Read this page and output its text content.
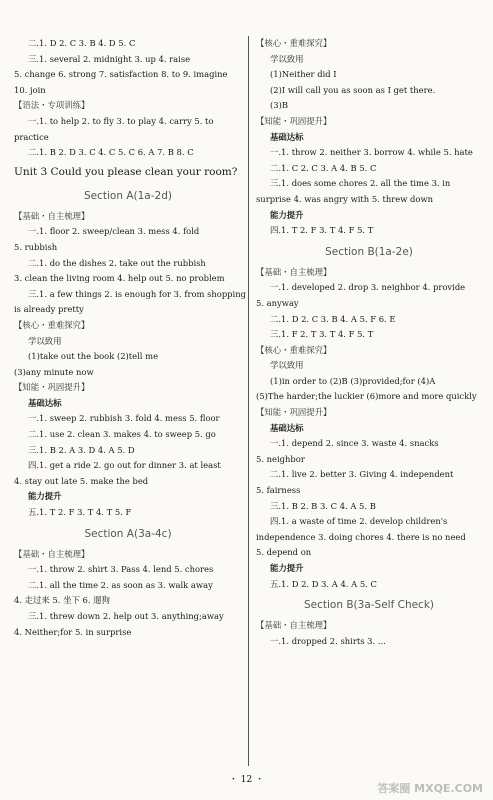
二.1. D 2. C 3. B 4. D 5. C
三.1. several 2. midnight 3. up 4. raise
5. change 6. strong 7. satisfaction 8. to 9. imagine
10. join
【语法・专项训练】
一.1. to help 2. to fly 3. to play 4. carry 5. to
practice
二.1. B 2. D 3. C 4. C 5. C 6. A 7. B 8. C
Unit 3 Could you please clean your room?
Section A(1a-2d)
【基础・自主梳理】
一.1. floor 2. sweep/clean 3. mess 4. fold
5. rubbish
二.1. do the dishes 2. take out the rubbish
3. clean the living room 4. help out 5. no problem
三.1. a few things 2. is enough for 3. from shopping
is already pretty
【核心・重难探究】
学以致用
(1)take out the book (2)tell me
(3)any minute now
【知能・巩固提升】
基础达标
一.1. sweep 2. rubbish 3. fold 4. mess 5. floor
二.1. use 2. clean 3. makes 4. to sweep 5. go
三.1. B 2. A 3. D 4. A 5. D
四.1. get a ride 2. go out for dinner 3. at least
4. stay out late 5. make the bed
能力提升
五.1. T 2. F 3. T 4. T 5. F
Section A(3a-4c)
【基础・自主梳理】
一.1. throw 2. shirt 3. Pass 4. lend 5. chores
二.1. all the time 2. as soon as 3. walk away
4. 走过来 5. 坐下 6. 遛狗
三.1. threw down 2. help out 3. anything;away
4. Neither;for 5. in surprise
【核心・重难探究】
学以致用
(1)Neither did I
(2)I will call you as soon as I get there.
(3)B
【知能・巩固提升】
基础达标
一.1. throw 2. neither 3. borrow 4. while 5. hate
二.1. C 2. C 3. A 4. B 5. C
三.1. does some chores 2. all the time 3. in
surprise 4. was angry with 5. threw down
能力提升
四.1. T 2. F 3. T 4. F 5. T
Section B(1a-2e)
【基础・自主梳理】
一.1. developed 2. drop 3. neighbor 4. provide
5. anyway
二.1. D 2. C 3. B 4. A 5. F 6. E
三.1. F 2. T 3. T 4. F 5. T
【核心・重难探究】
学以致用
(1)in order to (2)B (3)provided;for (4)A
(5)The harder;the luckier (6)more and more quickly
【知能・巩固提升】
基础达标
一.1. depend 2. since 3. waste 4. snacks
5. neighbor
二.1. live 2. better 3. Giving 4. independent
5. fairness
三.1. B 2. B 3. C 4. A 5. B
四.1. a waste of time 2. develop children's
independence 3. doing chores 4. there is no need
5. depend on
能力提升
五.1. D 2. D 3. A 4. A 5. C
Section B(3a-Self Check)
【基础・自主梳理】
一.1. dropped 2. shirts 3. ...
・ 12 ・
答案圈 MXQE.COM
